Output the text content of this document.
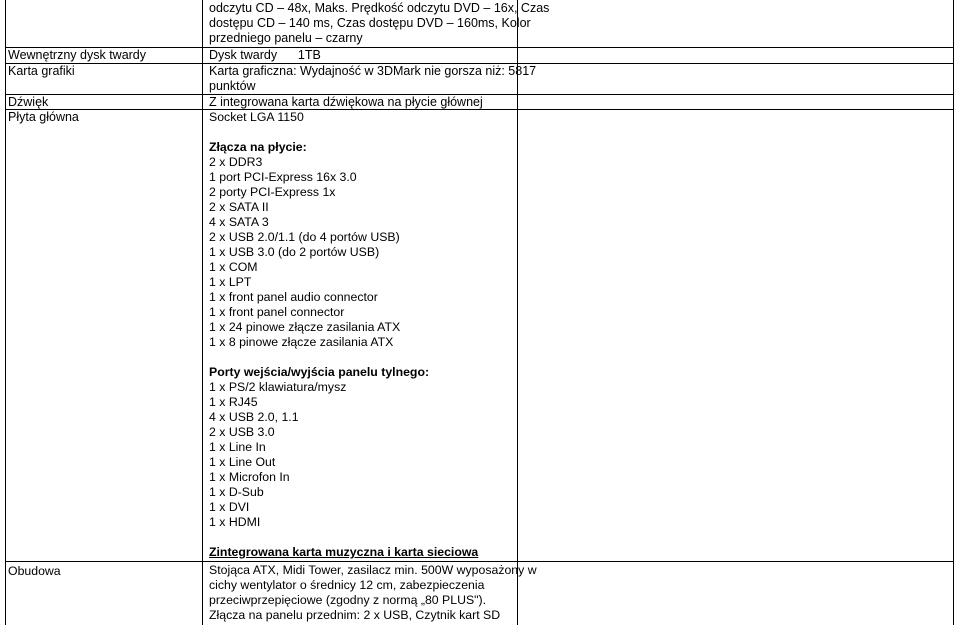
odczytu CD – 48x, Maks. Prędkość odczytu DVD – 16x, Czas
dostępu CD – 140 ms, Czas dostępu DVD – 160ms, Kolor
przedniego panelu – czarny
Wewnętrzny dysk twardy	Dysk twardy      1TB
Karta grafiki	Karta graficzna: Wydajność w 3DMark nie gorsza niż: 5817
punktów
Dźwięk	Z integrowana karta dźwiękowa na płycie głównej
Płyta główna	Socket LGA 1150
Złącza na płycie:
2 x DDR3
1 port PCI-Express 16x 3.0
2 porty PCI-Express 1x
2 x SATA II
4 x SATA 3
2 x USB 2.0/1.1 (do 4 portów USB)
1 x USB 3.0 (do 2 portów USB)
1 x COM
1 x LPT
1 x front panel audio connector
1 x front panel connector
1 x 24 pinowe złącze zasilania ATX
1 x 8 pinowe złącze zasilania ATX
Porty wejścia/wyjścia panelu tylnego:
1 x PS/2 klawiatura/mysz
1 x RJ45
4 x USB 2.0, 1.1
2 x USB 3.0
1 x Line In
1 x Line Out
1 x Microfon In
1 x D-Sub
1 x DVI
1 x HDMI
Zintegrowana karta muzyczna i karta sieciowa
Obudowa	Stojąca ATX, Midi Tower, zasilacz min. 500W wyposażony w
cichy wentylator o średnicy 12 cm, zabezpieczenia
przeciwprzepięciowe (zgodny z normą „80 PLUS").
Złącza na panelu przednim: 2 x USB, Czytnik kart SD
